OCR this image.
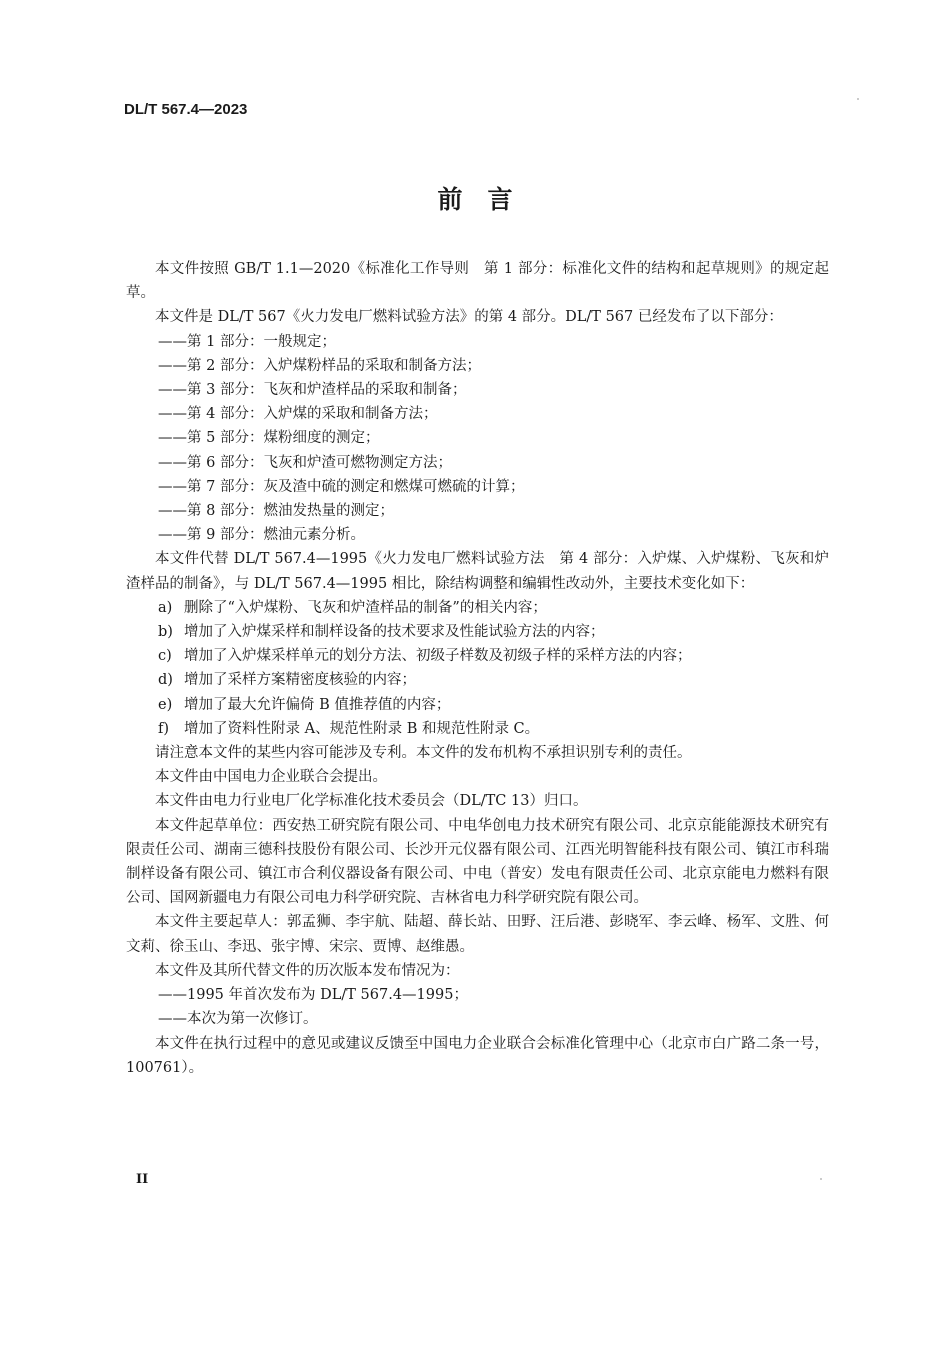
DL/T 567.4—2023
前　言

本文件按照 GB/T 1.1—2020《标准化工作导则　第 1 部分：标准化文件的结构和起草规则》的规定起草。

本文件是 DL/T 567《火力发电厂燃料试验方法》的第 4 部分。DL/T 567 已经发布了以下部分：

——第 1 部分：一般规定；

——第 2 部分：入炉煤粉样品的采取和制备方法；

——第 3 部分：飞灰和炉渣样品的采取和制备；

——第 4 部分：入炉煤的采取和制备方法；

——第 5 部分：煤粉细度的测定；

——第 6 部分：飞灰和炉渣可燃物测定方法；

——第 7 部分：灰及渣中硫的测定和燃煤可燃硫的计算；

——第 8 部分：燃油发热量的测定；

——第 9 部分：燃油元素分析。

本文件代替 DL/T 567.4—1995《火力发电厂燃料试验方法　第 4 部分：入炉煤、入炉煤粉、飞灰和炉渣样品的制备》，与 DL/T 567.4—1995 相比，除结构调整和编辑性改动外，主要技术变化如下：

a) 删除了“入炉煤粉、飞灰和炉渣样品的制备”的相关内容；

b) 增加了入炉煤采样和制样设备的技术要求及性能试验方法的内容；

c) 增加了入炉煤采样单元的划分方法、初级子样数及初级子样的采样方法的内容；

d) 增加了采样方案精密度核验的内容；

e) 增加了最大允许偏倚 B 值推荐值的内容；

f) 增加了资料性附录 A、规范性附录 B 和规范性附录 C。

请注意本文件的某些内容可能涉及专利。本文件的发布机构不承担识别专利的责任。

本文件由中国电力企业联合会提出。

本文件由电力行业电厂化学标准化技术委员会（DL/TC 13）归口。

本文件起草单位：西安热工研究院有限公司、中电华创电力技术研究有限公司、北京京能能源技术研究有限责任公司、湖南三德科技股份有限公司、长沙开元仪器有限公司、江西光明智能科技有限公司、镇江市科瑞制样设备有限公司、镇江市合利仪器设备有限公司、中电（普安）发电有限责任公司、北京京能电力燃料有限公司、国网新疆电力有限公司电力科学研究院、吉林省电力科学研究院有限公司。

本文件主要起草人：郭孟狮、李宇航、陆超、薛长站、田野、汪后港、彭晓军、李云峰、杨军、文胜、何文莉、徐玉山、李迅、张宇博、宋宗、贾博、赵维愚。

本文件及其所代替文件的历次版本发布情况为：

——1995 年首次发布为 DL/T 567.4—1995；

——本次为第一次修订。

本文件在执行过程中的意见或建议反馈至中国电力企业联合会标准化管理中心（北京市白广路二条一号，100761）。

II
